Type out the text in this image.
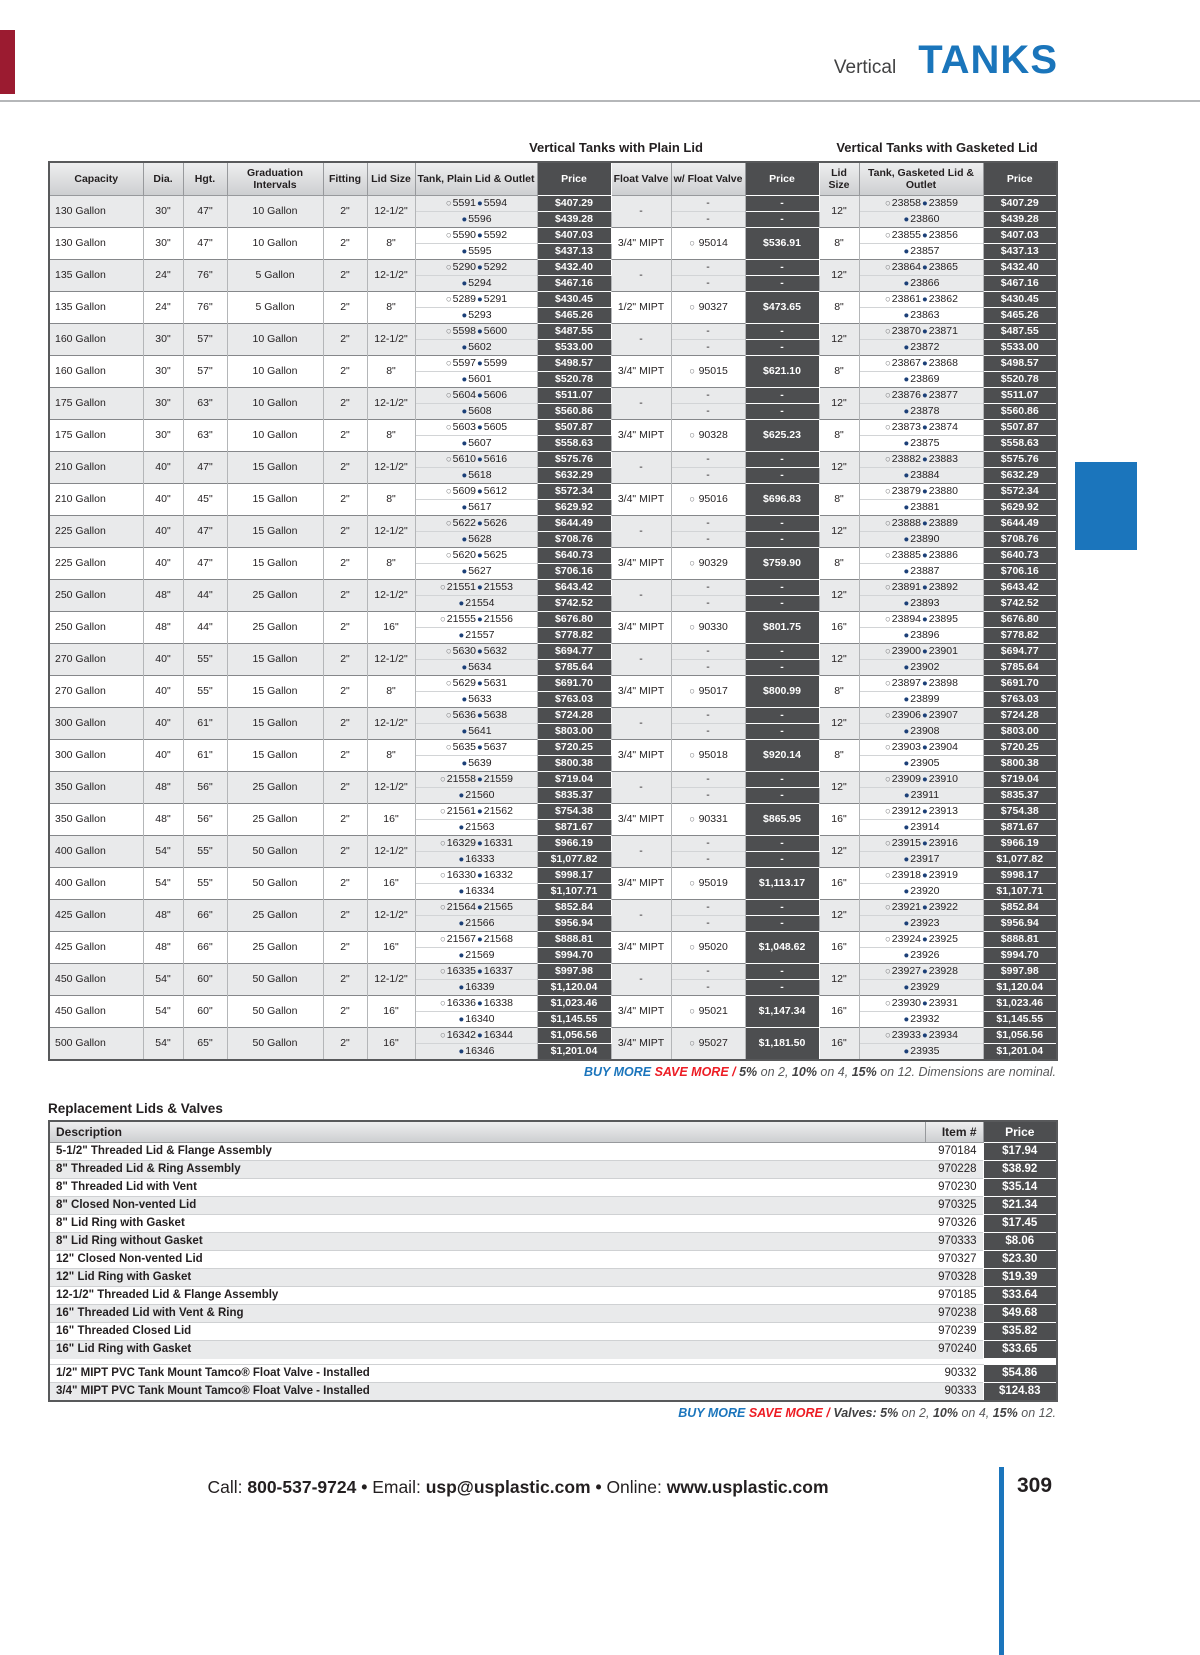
Vertical TANKS
Vertical Tanks with Plain Lid	Vertical Tanks with Gasketed Lid
Capacity	Dia.	Hgt.	Graduation Intervals	Fitting	Lid Size	Tank, Plain Lid & Outlet	Price	Float Valve	w/ Float Valve	Price	Lid Size	Tank, Gasketed Lid & Outlet	Price
130 Gallon	30"	47"	10 Gallon	2"	12-1/2"	○5591●5594	$407.29	-	-	-	12"	○23858●23859	$407.29
						●5596	$439.28		-	-		●23860	$439.28
130 Gallon	30"	47"	10 Gallon	2"	8"	○5590●5592	$407.03	3/4" MIPT	○ 95014	$536.91	8"	○23855●23856	$407.03
						●5595	$437.13					●23857	$437.13
135 Gallon	24"	76"	5 Gallon	2"	12-1/2"	○5290●5292	$432.40	-	-	-	12"	○23864●23865	$432.40
						●5294	$467.16		-	-		●23866	$467.16
135 Gallon	24"	76"	5 Gallon	2"	8"	○5289●5291	$430.45	1/2" MIPT	○ 90327	$473.65	8"	○23861●23862	$430.45
						●5293	$465.26					●23863	$465.26
160 Gallon	30"	57"	10 Gallon	2"	12-1/2"	○5598●5600	$487.55	-	-	-	12"	○23870●23871	$487.55
						●5602	$533.00		-	-		●23872	$533.00
160 Gallon	30"	57"	10 Gallon	2"	8"	○5597●5599	$498.57	3/4" MIPT	○ 95015	$621.10	8"	○23867●23868	$498.57
						●5601	$520.78					●23869	$520.78
175 Gallon	30"	63"	10 Gallon	2"	12-1/2"	○5604●5606	$511.07	-	-	-	12"	○23876●23877	$511.07
						●5608	$560.86		-	-		●23878	$560.86
175 Gallon	30"	63"	10 Gallon	2"	8"	○5603●5605	$507.87	3/4" MIPT	○ 90328	$625.23	8"	○23873●23874	$507.87
						●5607	$558.63					●23875	$558.63
210 Gallon	40"	47"	15 Gallon	2"	12-1/2"	○5610●5616	$575.76	-	-	-	12"	○23882●23883	$575.76
						●5618	$632.29		-	-		●23884	$632.29
210 Gallon	40"	45"	15 Gallon	2"	8"	○5609●5612	$572.34	3/4" MIPT	○ 95016	$696.83	8"	○23879●23880	$572.34
						●5617	$629.92					●23881	$629.92
225 Gallon	40"	47"	15 Gallon	2"	12-1/2"	○5622●5626	$644.49	-	-	-	12"	○23888●23889	$644.49
						●5628	$708.76		-	-		●23890	$708.76
225 Gallon	40"	47"	15 Gallon	2"	8"	○5620●5625	$640.73	3/4" MIPT	○ 90329	$759.90	8"	○23885●23886	$640.73
						●5627	$706.16					●23887	$706.16
250 Gallon	48"	44"	25 Gallon	2"	12-1/2"	○21551●21553	$643.42	-	-	-	12"	○23891●23892	$643.42
						●21554	$742.52		-	-		●23893	$742.52
250 Gallon	48"	44"	25 Gallon	2"	16"	○21555●21556	$676.80	3/4" MIPT	○ 90330	$801.75	16"	○23894●23895	$676.80
						●21557	$778.82					●23896	$778.82
270 Gallon	40"	55"	15 Gallon	2"	12-1/2"	○5630●5632	$694.77	-	-	-	12"	○23900●23901	$694.77
						●5634	$785.64		-	-		●23902	$785.64
270 Gallon	40"	55"	15 Gallon	2"	8"	○5629●5631	$691.70	3/4" MIPT	○ 95017	$800.99	8"	○23897●23898	$691.70
						●5633	$763.03					●23899	$763.03
300 Gallon	40"	61"	15 Gallon	2"	12-1/2"	○5636●5638	$724.28	-	-	-	12"	○23906●23907	$724.28
						●5641	$803.00		-	-		●23908	$803.00
300 Gallon	40"	61"	15 Gallon	2"	8"	○5635●5637	$720.25	3/4" MIPT	○ 95018	$920.14	8"	○23903●23904	$720.25
						●5639	$800.38					●23905	$800.38
350 Gallon	48"	56"	25 Gallon	2"	12-1/2"	○21558●21559	$719.04	-	-	-	12"	○23909●23910	$719.04
						●21560	$835.37		-	-		●23911	$835.37
350 Gallon	48"	56"	25 Gallon	2"	16"	○21561●21562	$754.38	3/4" MIPT	○ 90331	$865.95	16"	○23912●23913	$754.38
						●21563	$871.67					●23914	$871.67
400 Gallon	54"	55"	50 Gallon	2"	12-1/2"	○16329●16331	$966.19	-	-	-	12"	○23915●23916	$966.19
						●16333	$1,077.82		-	-		●23917	$1,077.82
400 Gallon	54"	55"	50 Gallon	2"	16"	○16330●16332	$998.17	3/4" MIPT	○ 95019	$1,113.17	16"	○23918●23919	$998.17
						●16334	$1,107.71					●23920	$1,107.71
425 Gallon	48"	66"	25 Gallon	2"	12-1/2"	○21564●21565	$852.84	-	-	-	12"	○23921●23922	$852.84
						●21566	$956.94		-	-		●23923	$956.94
425 Gallon	48"	66"	25 Gallon	2"	16"	○21567●21568	$888.81	3/4" MIPT	○ 95020	$1,048.62	16"	○23924●23925	$888.81
						●21569	$994.70					●23926	$994.70
450 Gallon	54"	60"	50 Gallon	2"	12-1/2"	○16335●16337	$997.98	-	-	-	12"	○23927●23928	$997.98
						●16339	$1,120.04		-	-		●23929	$1,120.04
450 Gallon	54"	60"	50 Gallon	2"	16"	○16336●16338	$1,023.46	3/4" MIPT	○ 95021	$1,147.34	16"	○23930●23931	$1,023.46
						●16340	$1,145.55					●23932	$1,145.55
500 Gallon	54"	65"	50 Gallon	2"	16"	○16342●16344	$1,056.56	3/4" MIPT	○ 95027	$1,181.50	16"	○23933●23934	$1,056.56
						●16346	$1,201.04					●23935	$1,201.04
BUY MORE SAVE MORE / 5% on 2, 10% on 4, 15% on 12. Dimensions are nominal.
Replacement Lids & Valves
Description	Item #	Price
5-1/2" Threaded Lid & Flange Assembly	970184	$17.94
8" Threaded Lid & Ring Assembly	970228	$38.92
8" Threaded Lid with Vent	970230	$35.14
8" Closed Non-vented Lid	970325	$21.34
8" Lid Ring with Gasket	970326	$17.45
8" Lid Ring without Gasket	970333	$8.06
12" Closed Non-vented Lid	970327	$23.30
12" Lid Ring with Gasket	970328	$19.39
12-1/2" Threaded Lid & Flange Assembly	970185	$33.64
16" Threaded Lid with Vent & Ring	970238	$49.68
16" Threaded Closed Lid	970239	$35.82
16" Lid Ring with Gasket	970240	$33.65

1/2" MIPT PVC Tank Mount Tamco® Float Valve - Installed	90332	$54.86
3/4" MIPT PVC Tank Mount Tamco® Float Valve - Installed	90333	$124.83
BUY MORE SAVE MORE / Valves: 5% on 2, 10% on 4, 15% on 12.
Call: 800-537-9724 • Email: usp@usplastic.com • Online: www.usplastic.com	309
